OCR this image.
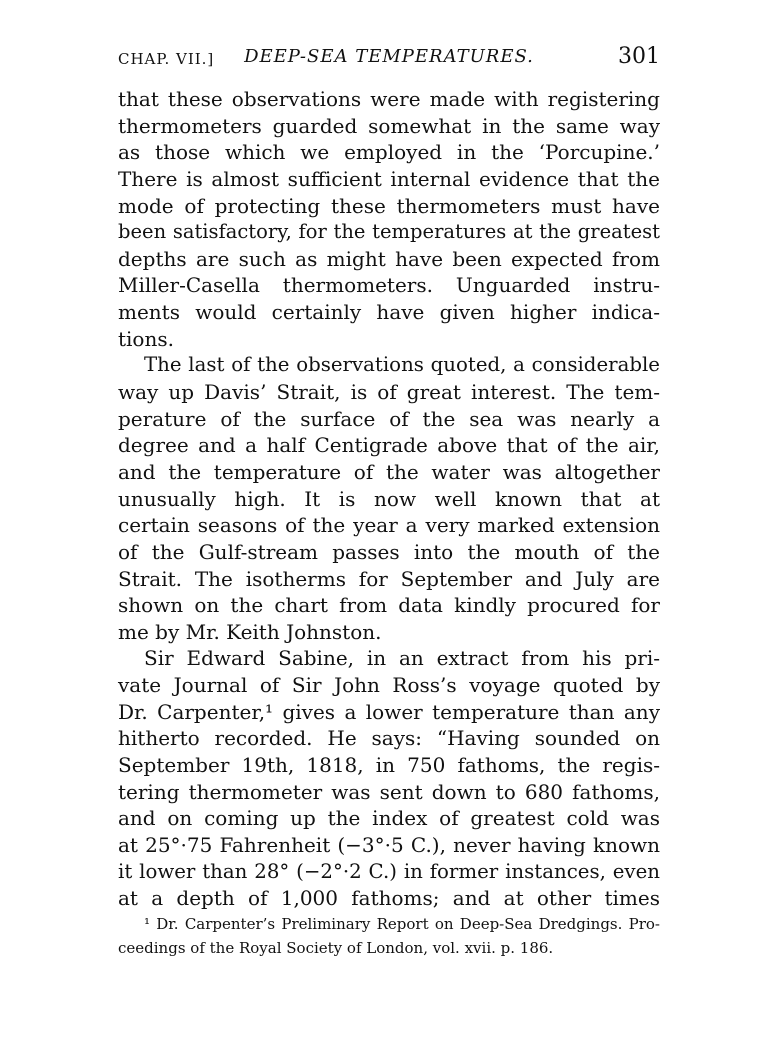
CHAP. VII.]	DEEP-SEA TEMPERATURES.	301
that these observations were made with registering
thermometers guarded somewhat in the same way
as those which we employed in the ‘Porcupine.’
There is almost sufficient internal evidence that the
mode of protecting these thermometers must have
been satisfactory, for the temperatures at the greatest
depths are such as might have been expected from
Miller-Casella thermometers. Unguarded instru-
ments would certainly have given higher indica-
tions.
The last of the observations quoted, a considerable
way up Davis’ Strait, is of great interest. The tem-
perature of the surface of the sea was nearly a
degree and a half Centigrade above that of the air,
and the temperature of the water was altogether
unusually high. It is now well known that at
certain seasons of the year a very marked extension
of the Gulf-stream passes into the mouth of the
Strait. The isotherms for September and July are
shown on the chart from data kindly procured for
me by Mr. Keith Johnston.
Sir Edward Sabine, in an extract from his pri-
vate Journal of Sir John Ross’s voyage quoted by
Dr. Carpenter,¹ gives a lower temperature than any
hitherto recorded. He says: “Having sounded on
September 19th, 1818, in 750 fathoms, the regis-
tering thermometer was sent down to 680 fathoms,
and on coming up the index of greatest cold was
at 25°·75 Fahrenheit (−3°·5 C.), never having known
it lower than 28° (−2°·2 C.) in former instances, even
at a depth of 1,000 fathoms; and at other times
¹ Dr. Carpenter’s Preliminary Report on Deep-Sea Dredgings. Pro-
ceedings of the Royal Society of London, vol. xvii. p. 186.
